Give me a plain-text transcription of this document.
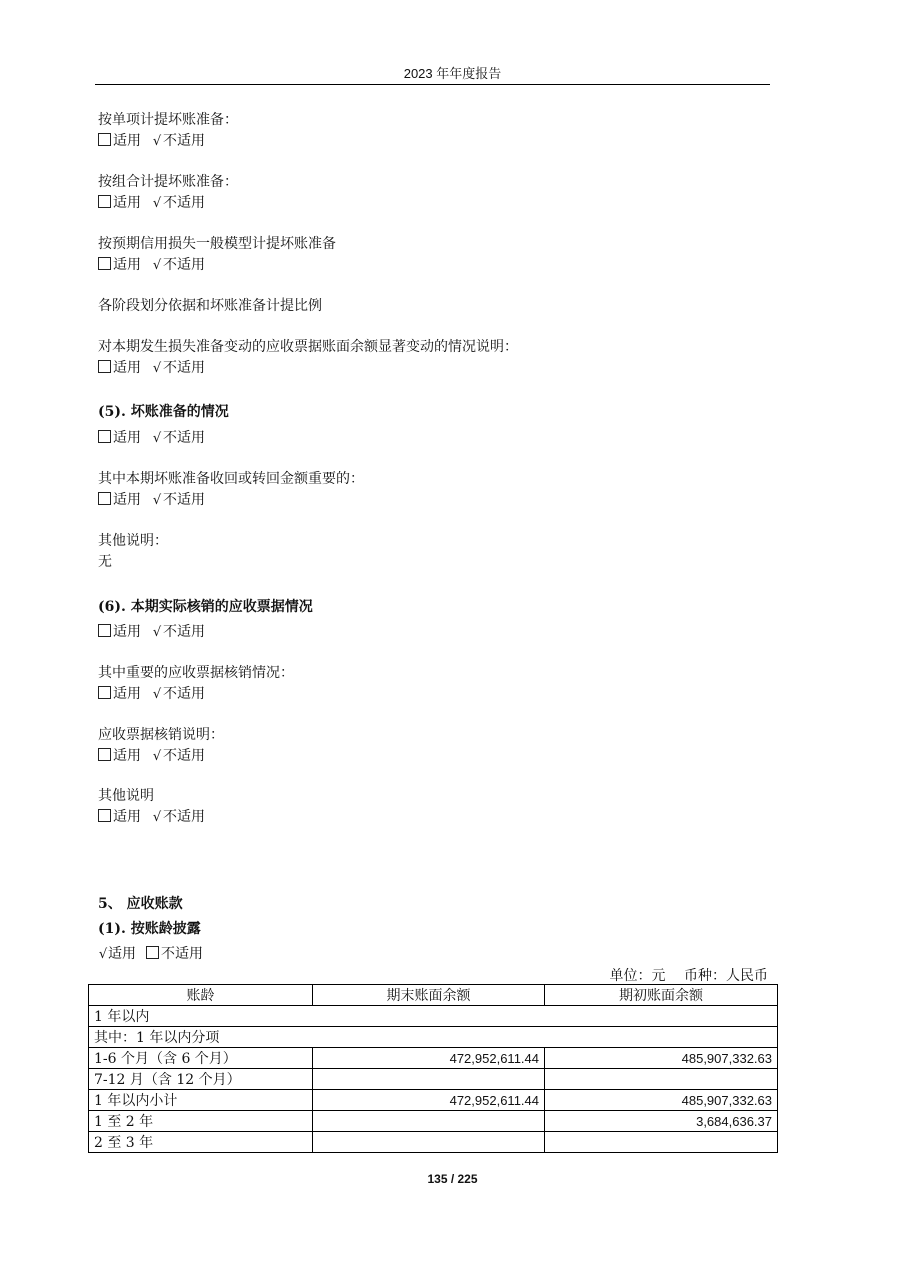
2023 年年度报告
按单项计提坏账准备：
适用 √ 不适用
按组合计提坏账准备：
适用 √ 不适用
按预期信用损失一般模型计提坏账准备
适用 √ 不适用
各阶段划分依据和坏账准备计提比例
对本期发生损失准备变动的应收票据账面余额显著变动的情况说明：
适用 √ 不适用
(5). 坏账准备的情况
适用 √ 不适用
其中本期坏账准备收回或转回金额重要的：
适用 √ 不适用
其他说明：
无
(6). 本期实际核销的应收票据情况
适用 √ 不适用
其中重要的应收票据核销情况：
适用 √ 不适用
应收票据核销说明：
适用 √ 不适用
其他说明
适用 √ 不适用
5、 应收账款
(1). 按账龄披露
√适用 不适用
单位：元 币种：人民币
账龄	期末账面余额	期初账面余额
1 年以内		
其中：1 年以内分项		
1-6 个月（含 6 个月）	472,952,611.44	485,907,332.63
7-12 月（含 12 个月）		
1 年以内小计	472,952,611.44	485,907,332.63
1 至 2 年		3,684,636.37
2 至 3 年		
135 / 225
